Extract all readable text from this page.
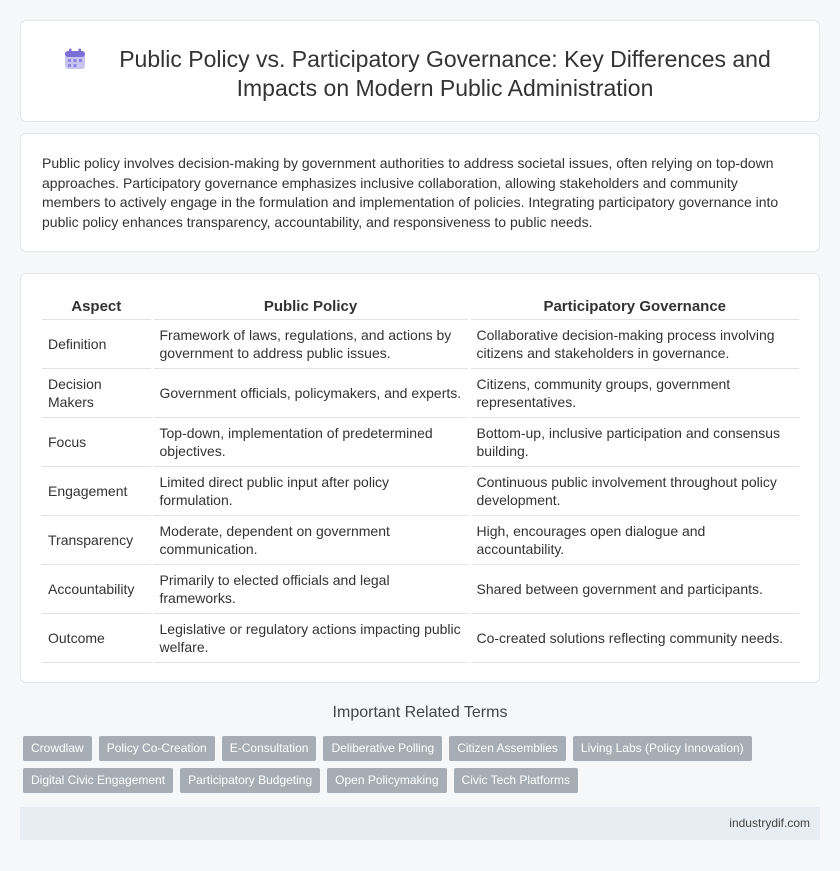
Public Policy vs. Participatory Governance: Key Differences and Impacts on Modern Public Administration

Public policy involves decision-making by government authorities to address societal issues, often relying on top-down approaches. Participatory governance emphasizes inclusive collaboration, allowing stakeholders and community members to actively engage in the formulation and implementation of policies. Integrating participatory governance into public policy enhances transparency, accountability, and responsiveness to public needs.

Aspect	Public Policy	Participatory Governance
Definition	Framework of laws, regulations, and actions by government to address public issues.	Collaborative decision-making process involving citizens and stakeholders in governance.
Decision Makers	Government officials, policymakers, and experts.	Citizens, community groups, government representatives.
Focus	Top-down, implementation of predetermined objectives.	Bottom-up, inclusive participation and consensus building.
Engagement	Limited direct public input after policy formulation.	Continuous public involvement throughout policy development.
Transparency	Moderate, dependent on government communication.	High, encourages open dialogue and accountability.
Accountability	Primarily to elected officials and legal frameworks.	Shared between government and participants.
Outcome	Legislative or regulatory actions impacting public welfare.	Co-created solutions reflecting community needs.
Important Related Terms
Crowdlaw	Policy Co-Creation	E-Consultation	Deliberative Polling	Citizen Assemblies	Living Labs (Policy Innovation)
Digital Civic Engagement	Participatory Budgeting	Open Policymaking	Civic Tech Platforms
industrydif.com
